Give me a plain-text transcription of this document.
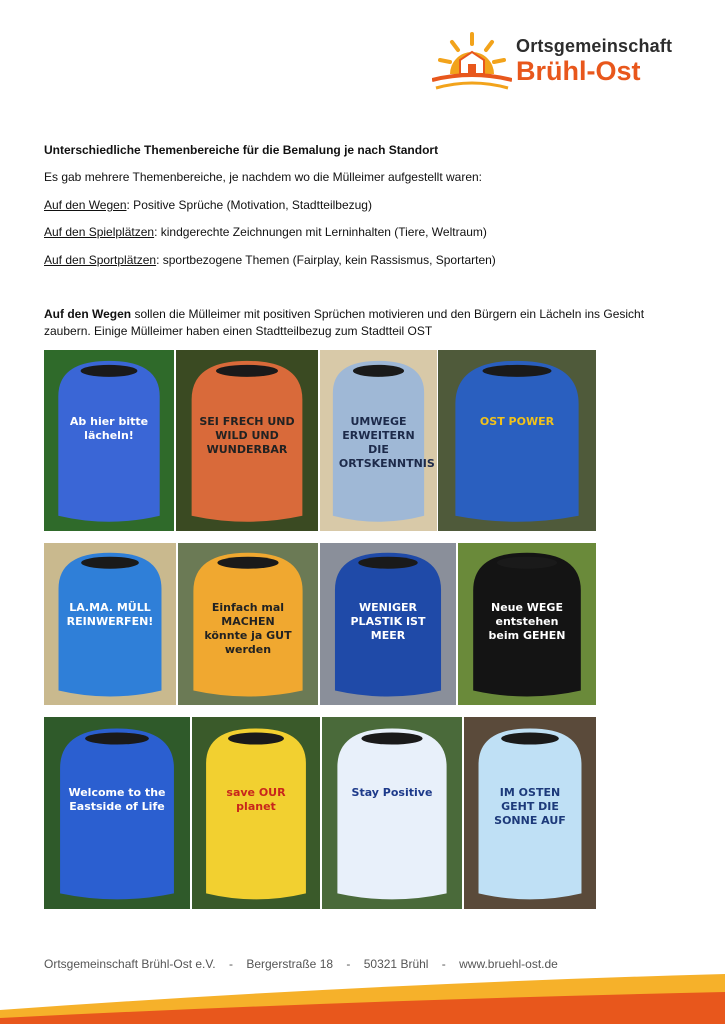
Ortsgemeinschaft
Brühl-Ost
Unterschiedliche Themenbereiche für die Bemalung je nach Standort
Es gab mehrere Themenbereiche, je nachdem wo die Mülleimer aufgestellt waren:
Auf den Wegen: Positive Sprüche (Motivation, Stadtteilbezug)
Auf den Spielplätzen: kindgerechte Zeichnungen mit Lerninhalten (Tiere, Weltraum)
Auf den Sportplätzen: sportbezogene Themen (Fairplay, kein Rassismus, Sportarten)
Auf den Wegen sollen die Mülleimer mit positiven Sprüchen motivieren und den Bürgern ein Lächeln ins Gesicht
zaubern. Einige Mülleimer haben einen Stadtteilbezug zum Stadtteil OST
Ab hier bitte lächeln!
SEI FRECH UND WILD UND WUNDERBAR
UMWEGE ERWEITERN DIE ORTSKENNTNIS
OST POWER
LA.MA. MÜLL REINWERFEN!
Einfach mal MACHEN könnte ja GUT werden
WENIGER PLASTIK IST MEER
Neue WEGE entstehen beim GEHEN
Welcome to the Eastside of Life
save OUR planet
Stay Positive	IM OSTEN GEHT DIE SONNE AUF
Ortsgemeinschaft Brühl-Ost e.V. - Bergerstraße 18 - 50321 Brühl - www.bruehl-ost.de
